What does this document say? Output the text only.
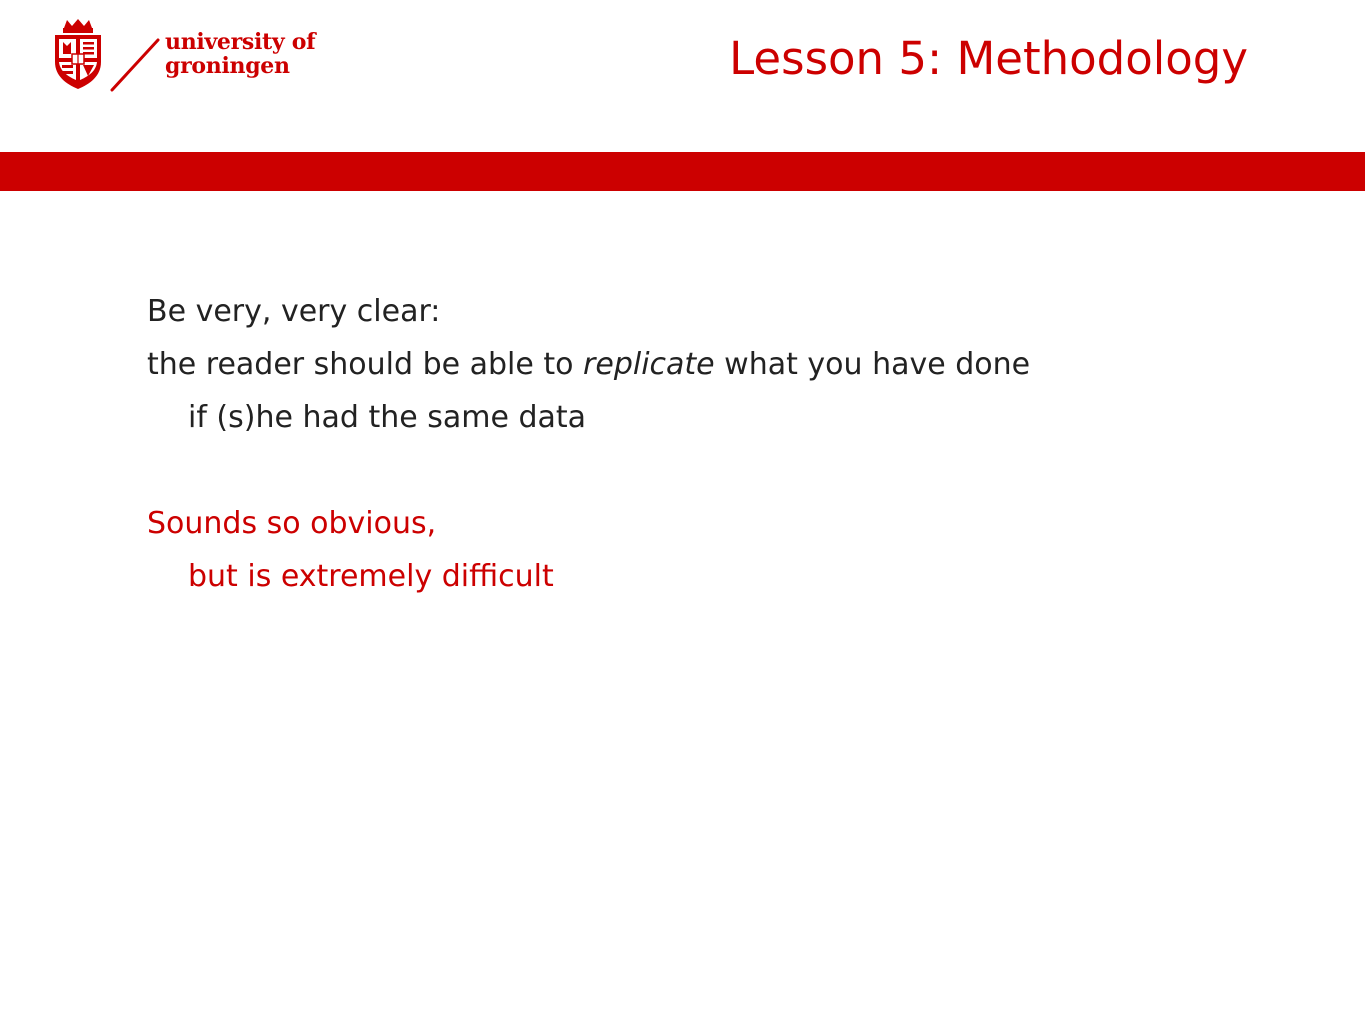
university of
groningen	Lesson 5: Methodology

Be very, very clear:

the reader should be able to replicate what you have done

if (s)he had the same data

Sounds so obvious,

but is extremely difficult
